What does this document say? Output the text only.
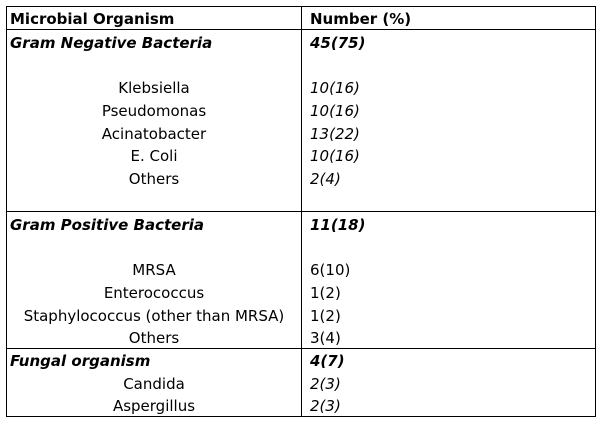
Microbial Organism	Number (%)
Gram Negative Bacteria	45(75)
Klebsiella	10(16)
Pseudomonas	10(16)
Acinatobacter	13(22)
E. Coli	10(16)
Others	2(4)
Gram Positive Bacteria	11(18)
MRSA	6(10)
Enterococcus	1(2)
Staphylococcus (other than MRSA)	1(2)
Others	3(4)
Fungal organism	4(7)
Candida	2(3)
Aspergillus	2(3)
